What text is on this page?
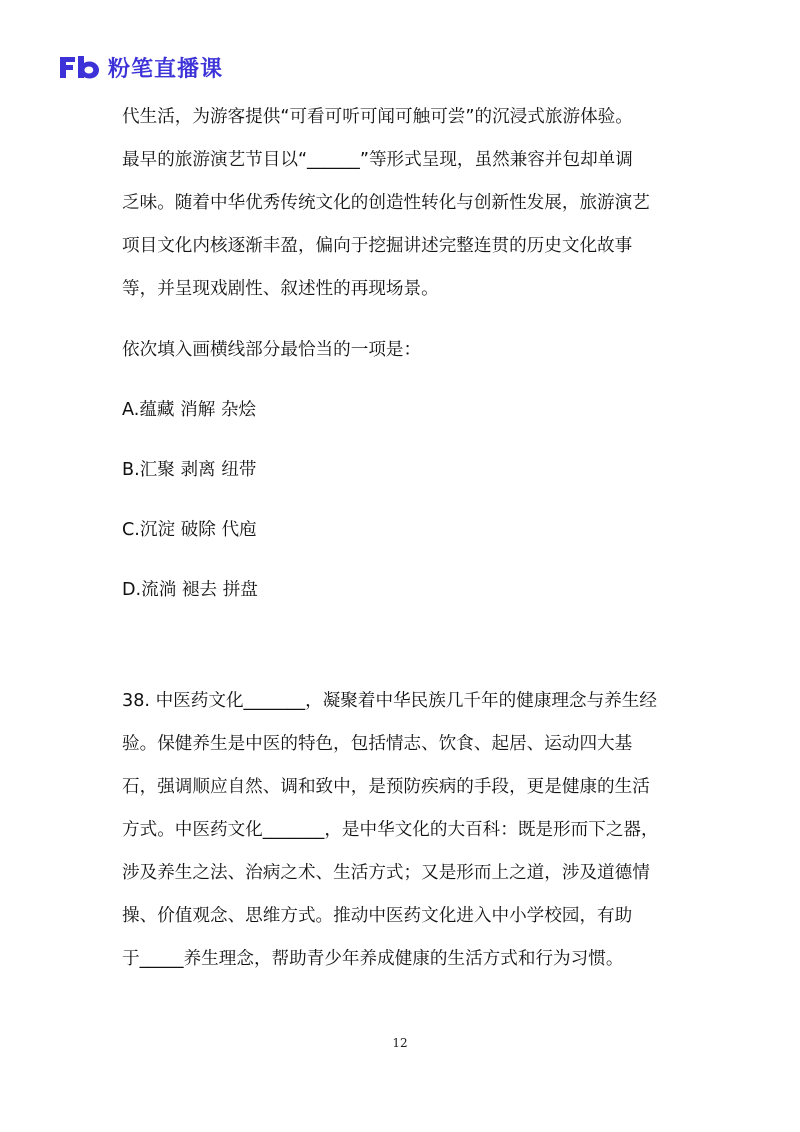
粉笔直播课
代生活，为游客提供“可看可听可闻可触可尝”的沉浸式旅游体验。
最早的旅游演艺节目以“______”等形式呈现，虽然兼容并包却单调
乏味。随着中华优秀传统文化的创造性转化与创新性发展，旅游演艺
项目文化内核逐渐丰盈，偏向于挖掘讲述完整连贯的历史文化故事
等，并呈现戏剧性、叙述性的再现场景。
依次填入画横线部分最恰当的一项是：
A.蕴藏 消解 杂烩
B.汇聚 剥离 纽带
C.沉淀 破除 代庖
D.流淌 褪去 拼盘
38. 中医药文化_______，凝聚着中华民族几千年的健康理念与养生经
验。保健养生是中医的特色，包括情志、饮食、起居、运动四大基
石，强调顺应自然、调和致中，是预防疾病的手段，更是健康的生活
方式。中医药文化_______，是中华文化的大百科：既是形而下之器，
涉及养生之法、治病之术、生活方式；又是形而上之道，涉及道德情
操、价值观念、思维方式。推动中医药文化进入中小学校园，有助
于_____养生理念，帮助青少年养成健康的生活方式和行为习惯。
12
